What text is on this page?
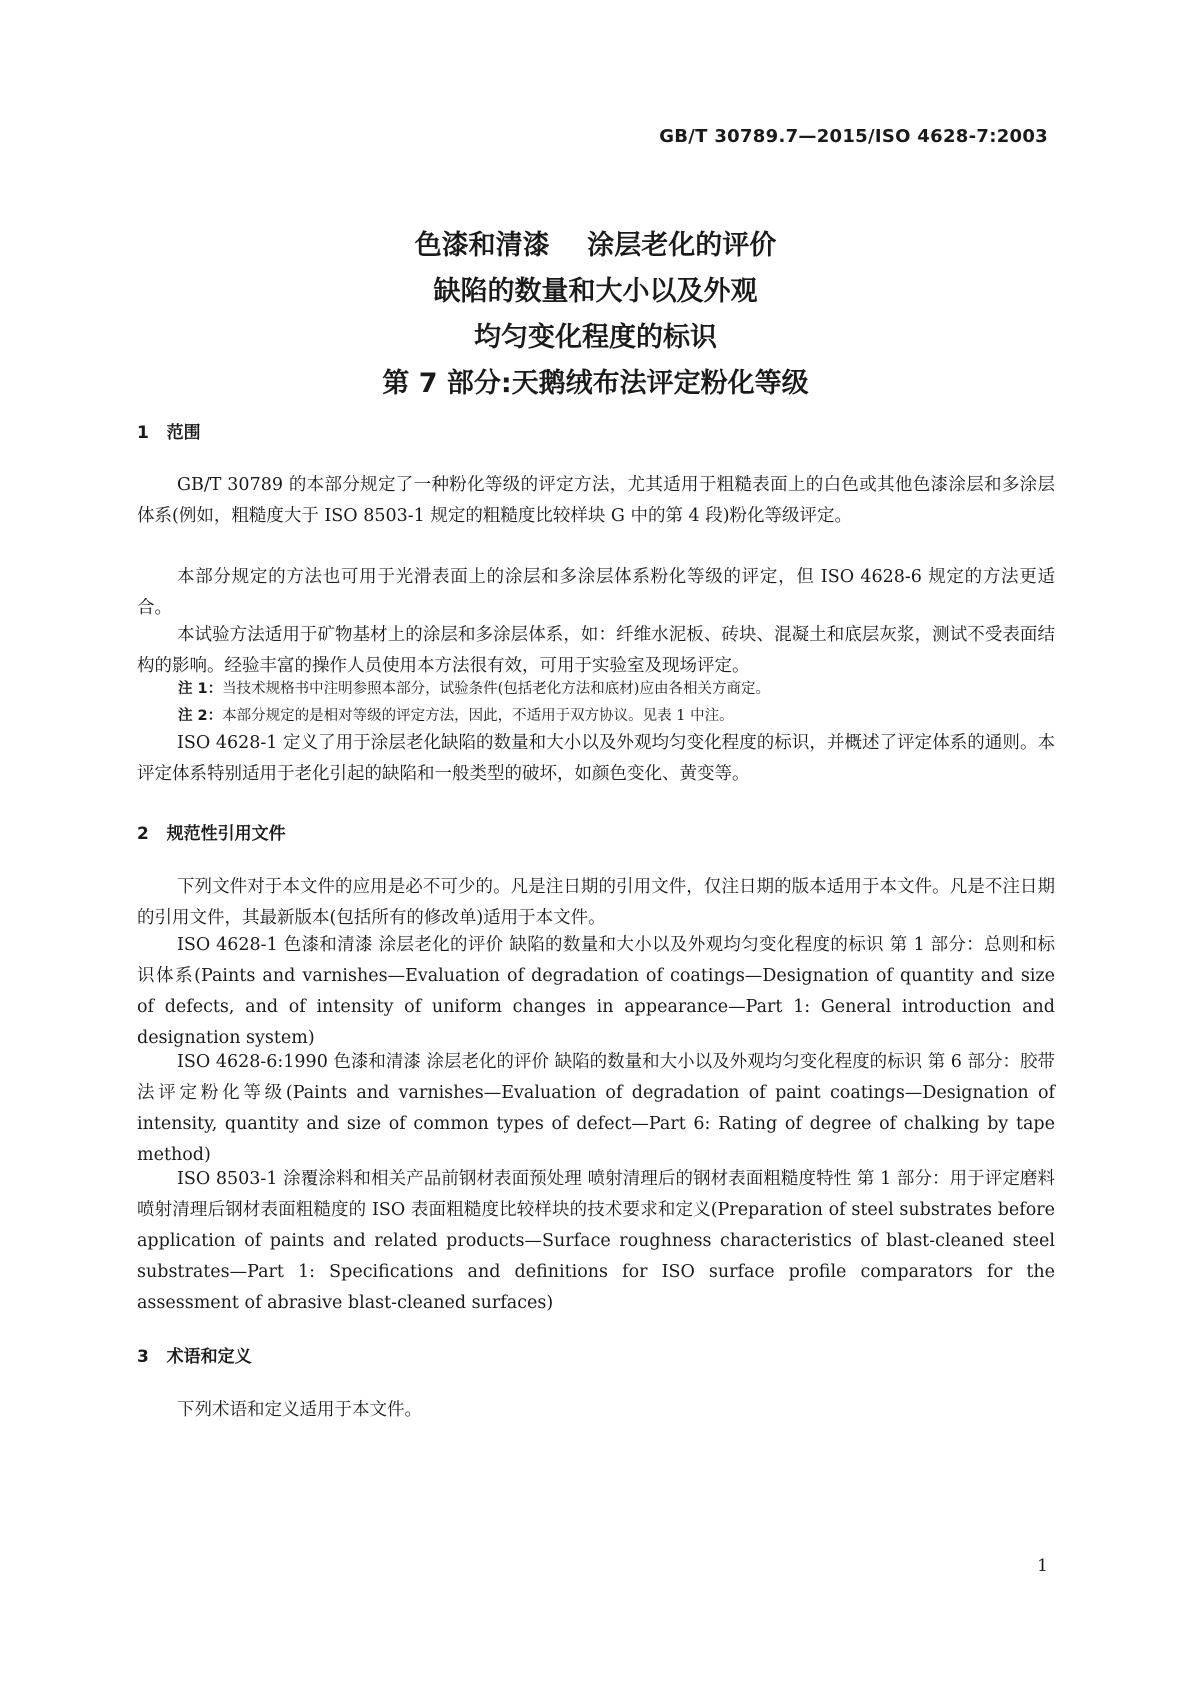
GB/T 30789.7—2015/ISO 4628-7:2003
色漆和清漆    涂层老化的评价
缺陷的数量和大小以及外观
均匀变化程度的标识
第 7 部分:天鹅绒布法评定粉化等级
1   范围
GB/T 30789 的本部分规定了一种粉化等级的评定方法，尤其适用于粗糙表面上的白色或其他色漆涂层和多涂层体系(例如，粗糙度大于 ISO 8503-1 规定的粗糙度比较样块 G 中的第 4 段)粉化等级评定。
本部分规定的方法也可用于光滑表面上的涂层和多涂层体系粉化等级的评定，但 ISO 4628-6 规定的方法更适合。
本试验方法适用于矿物基材上的涂层和多涂层体系，如：纤维水泥板、砖块、混凝土和底层灰浆，测试不受表面结构的影响。经验丰富的操作人员使用本方法很有效，可用于实验室及现场评定。
注 1：当技术规格书中注明参照本部分，试验条件(包括老化方法和底材)应由各相关方商定。
注 2：本部分规定的是相对等级的评定方法，因此，不适用于双方协议。见表 1 中注。
ISO 4628-1 定义了用于涂层老化缺陷的数量和大小以及外观均匀变化程度的标识，并概述了评定体系的通则。本评定体系特别适用于老化引起的缺陷和一般类型的破坏，如颜色变化、黄变等。
2   规范性引用文件
下列文件对于本文件的应用是必不可少的。凡是注日期的引用文件，仅注日期的版本适用于本文件。凡是不注日期的引用文件，其最新版本(包括所有的修改单)适用于本文件。
ISO 4628-1 色漆和清漆 涂层老化的评价 缺陷的数量和大小以及外观均匀变化程度的标识 第 1 部分：总则和标识体系(Paints and varnishes—Evaluation of degradation of coatings—Designation of quantity and size of defects, and of intensity of uniform changes in appearance—Part 1: General introduction and designation system)
ISO 4628-6:1990 色漆和清漆 涂层老化的评价 缺陷的数量和大小以及外观均匀变化程度的标识 第 6 部分：胶带法评定粉化等级(Paints and varnishes—Evaluation of degradation of paint coatings—Designation of intensity, quantity and size of common types of defect—Part 6: Rating of degree of chalking by tape method)
ISO 8503-1 涂覆涂料和相关产品前钢材表面预处理 喷射清理后的钢材表面粗糙度特性 第 1 部分：用于评定磨料喷射清理后钢材表面粗糙度的 ISO 表面粗糙度比较样块的技术要求和定义(Preparation of steel substrates before application of paints and related products—Surface roughness characteristics of blast-cleaned steel substrates—Part 1: Specifications and definitions for ISO surface profile comparators for the assessment of abrasive blast-cleaned surfaces)
3   术语和定义
下列术语和定义适用于本文件。
1
